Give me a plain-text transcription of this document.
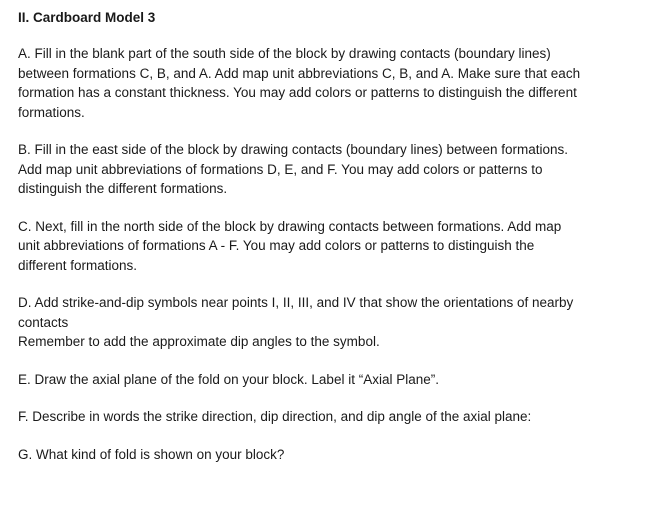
II. Cardboard Model 3
A. Fill in the blank part of the south side of the block by drawing contacts (boundary lines)
between formations C, B, and A. Add map unit abbreviations C, B, and A. Make sure that each
formation has a constant thickness. You may add colors or patterns to distinguish the different
formations.
B. Fill in the east side of the block by drawing contacts (boundary lines) between formations.
Add map unit abbreviations of formations D, E, and F. You may add colors or patterns to
distinguish the different formations.
C. Next, fill in the north side of the block by drawing contacts between formations. Add map
unit abbreviations of formations A - F. You may add colors or patterns to distinguish the
different formations.
D. Add strike-and-dip symbols near points I, II, III, and IV that show the orientations of nearby
contacts
Remember to add the approximate dip angles to the symbol.
E. Draw the axial plane of the fold on your block. Label it “Axial Plane”.
F. Describe in words the strike direction, dip direction, and dip angle of the axial plane:
G. What kind of fold is shown on your block?
